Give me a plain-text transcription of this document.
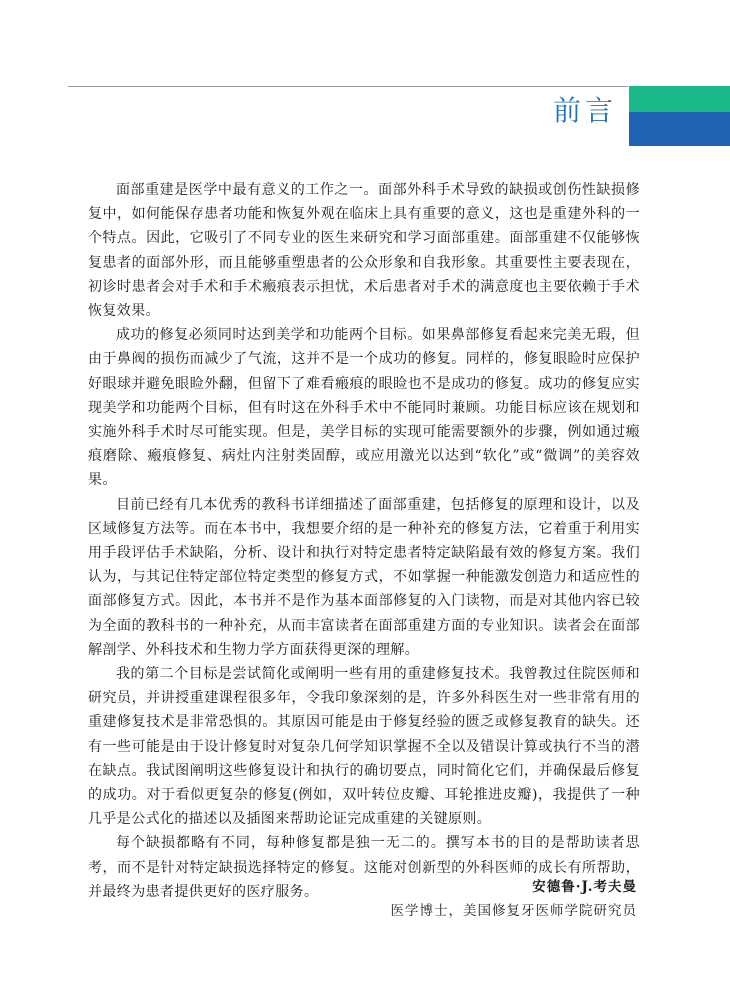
前言

面部重建是医学中最有意义的工作之一。面部外科手术导致的缺损或创伤性缺损修复中，如何能保存患者功能和恢复外观在临床上具有重要的意义，这也是重建外科的一个特点。因此，它吸引了不同专业的医生来研究和学习面部重建。面部重建不仅能够恢复患者的面部外形，而且能够重塑患者的公众形象和自我形象。其重要性主要表现在，初诊时患者会对手术和手术瘢痕表示担忧，术后患者对手术的满意度也主要依赖于手术恢复效果。

成功的修复必须同时达到美学和功能两个目标。如果鼻部修复看起来完美无瑕，但由于鼻阀的损伤而减少了气流，这并不是一个成功的修复。同样的，修复眼睑时应保护好眼球并避免眼睑外翻，但留下了难看瘢痕的眼睑也不是成功的修复。成功的修复应实现美学和功能两个目标，但有时这在外科手术中不能同时兼顾。功能目标应该在规划和实施外科手术时尽可能实现。但是，美学目标的实现可能需要额外的步骤，例如通过瘢痕磨除、瘢痕修复、病灶内注射类固醇，或应用激光以达到“软化”或“微调”的美容效果。

目前已经有几本优秀的教科书详细描述了面部重建，包括修复的原理和设计，以及区域修复方法等。而在本书中，我想要介绍的是一种补充的修复方法，它着重于利用实用手段评估手术缺陷，分析、设计和执行对特定患者特定缺陷最有效的修复方案。我们认为，与其记住特定部位特定类型的修复方式，不如掌握一种能激发创造力和适应性的面部修复方式。因此，本书并不是作为基本面部修复的入门读物，而是对其他内容已较为全面的教科书的一种补充，从而丰富读者在面部重建方面的专业知识。读者会在面部解剖学、外科技术和生物力学方面获得更深的理解。

我的第二个目标是尝试简化或阐明一些有用的重建修复技术。我曾教过住院医师和研究员，并讲授重建课程很多年，令我印象深刻的是，许多外科医生对一些非常有用的重建修复技术是非常恐惧的。其原因可能是由于修复经验的匮乏或修复教育的缺失。还有一些可能是由于设计修复时对复杂几何学知识掌握不全以及错误计算或执行不当的潜在缺点。我试图阐明这些修复设计和执行的确切要点，同时简化它们，并确保最后修复的成功。对于看似更复杂的修复(例如，双叶转位皮瓣、耳轮推进皮瓣)，我提供了一种几乎是公式化的描述以及插图来帮助论证完成重建的关键原则。

每个缺损都略有不同，每种修复都是独一无二的。撰写本书的目的是帮助读者思考，而不是针对特定缺损选择特定的修复。这能对创新型的外科医师的成长有所帮助，并最终为患者提供更好的医疗服务。	安德鲁·J.考夫曼
医学博士，美国修复牙医师学院研究员
